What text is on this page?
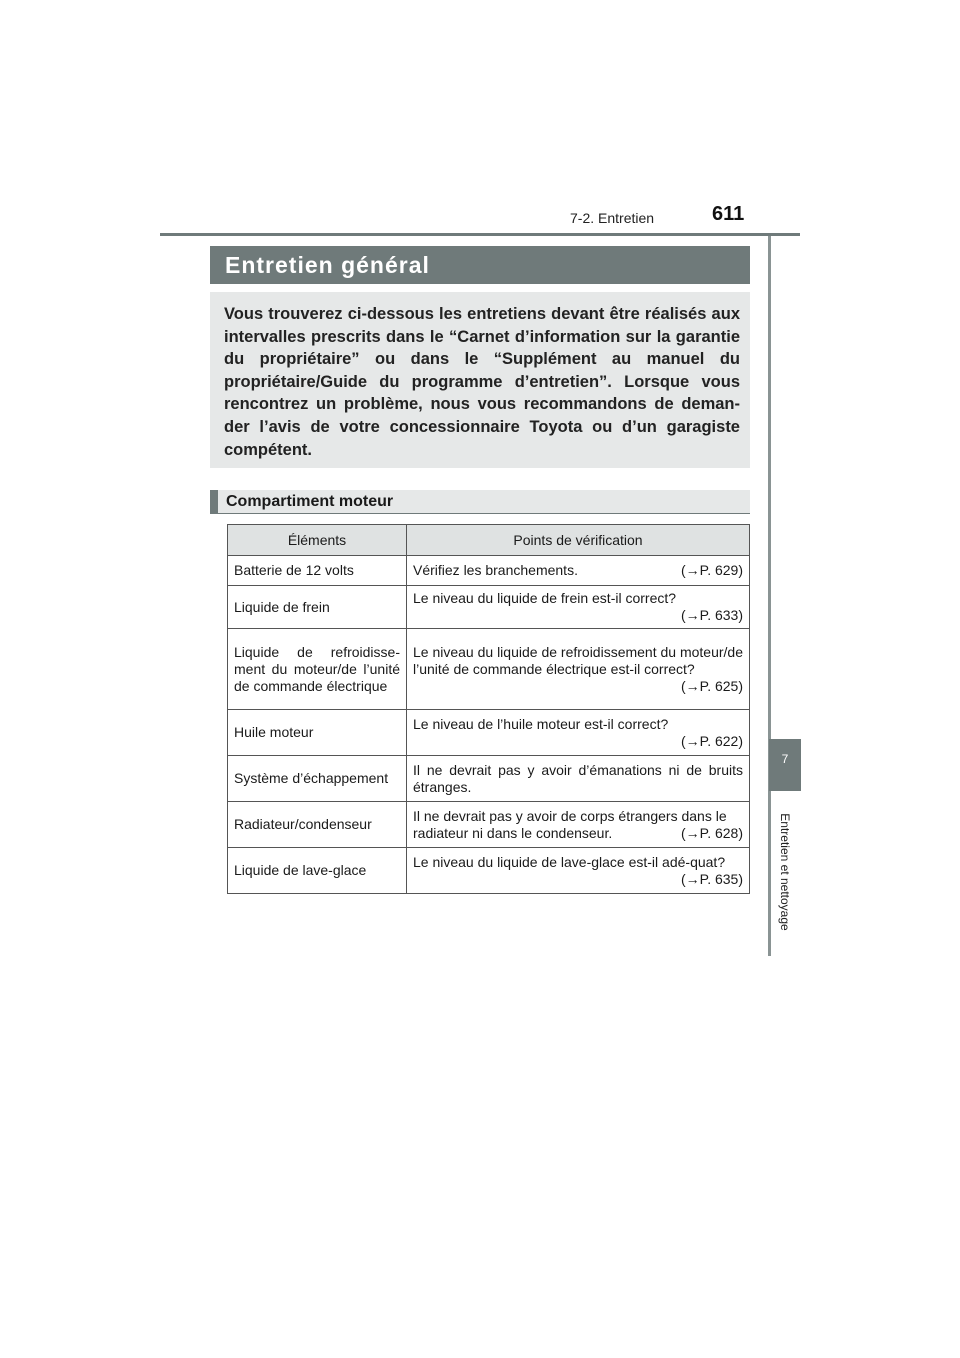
7-2. Entretien	611
7
Entretien et nettoyage
Entretien général
Vous trouverez ci-dessous les entretiens devant être réalisés aux intervalles prescrits dans le “Carnet d’information sur la garantie du propriétaire” ou dans le “Supplément au manuel du propriétaire/Guide du programme d’entretien”. Lorsque vous rencontrez un problème, nous vous recommandons de deman-der l’avis de votre concessionnaire Toyota ou d’un garagiste compétent.
Compartiment moteur
Éléments	Points de vérification
Batterie de 12 volts	Vérifiez les branchements. (→P. 629)

Liquide de frein	Le niveau du liquide de frein est-il correct?
(→P. 633)

Liquide de refroidisse-ment du moteur/de l’unité de commande électrique	Le niveau du liquide de refroidissement du moteur/de l’unité de commande électrique est-il correct?
(→P. 625)

Huile moteur	Le niveau de l’huile moteur est-il correct?
(→P. 622)

Système d’échappement	Il ne devrait pas y avoir d’émanations ni de bruits étranges.
Radiateur/condenseur	Il ne devrait pas y avoir de corps étrangers dans le radiateur ni dans le condenseur. (→P. 628)

Liquide de lave-glace	Le niveau du liquide de lave-glace est-il adé-quat?
(→P. 635)
